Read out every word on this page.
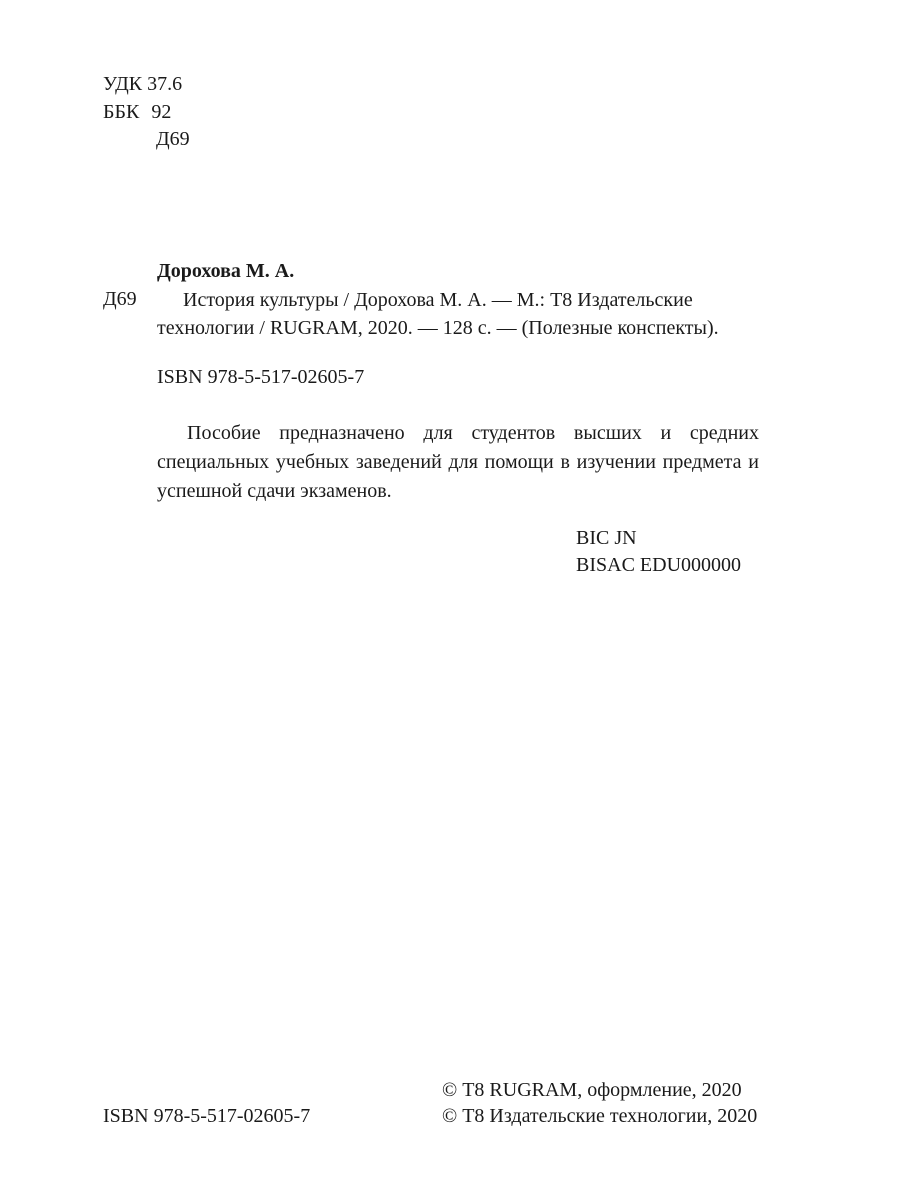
УДК 37.6
ББК 92
Д69
Дорохова М. А.
Д69	История культуры / Дорохова М. А. — М.: Т8 Издательские технологии / RUGRAM, 2020. — 128 с. — (Полезные конспекты).
ISBN 978-5-517-02605-7
Пособие предназначено для студентов высших и средних специальных учебных заведений для помощи в изучении предмета и успешной сдачи экзаменов.
BIC JN
BISAC EDU000000
© Т8 RUGRAM, оформление, 2020
ISBN 978-5-517-02605-7	© Т8 Издательские технологии, 2020
